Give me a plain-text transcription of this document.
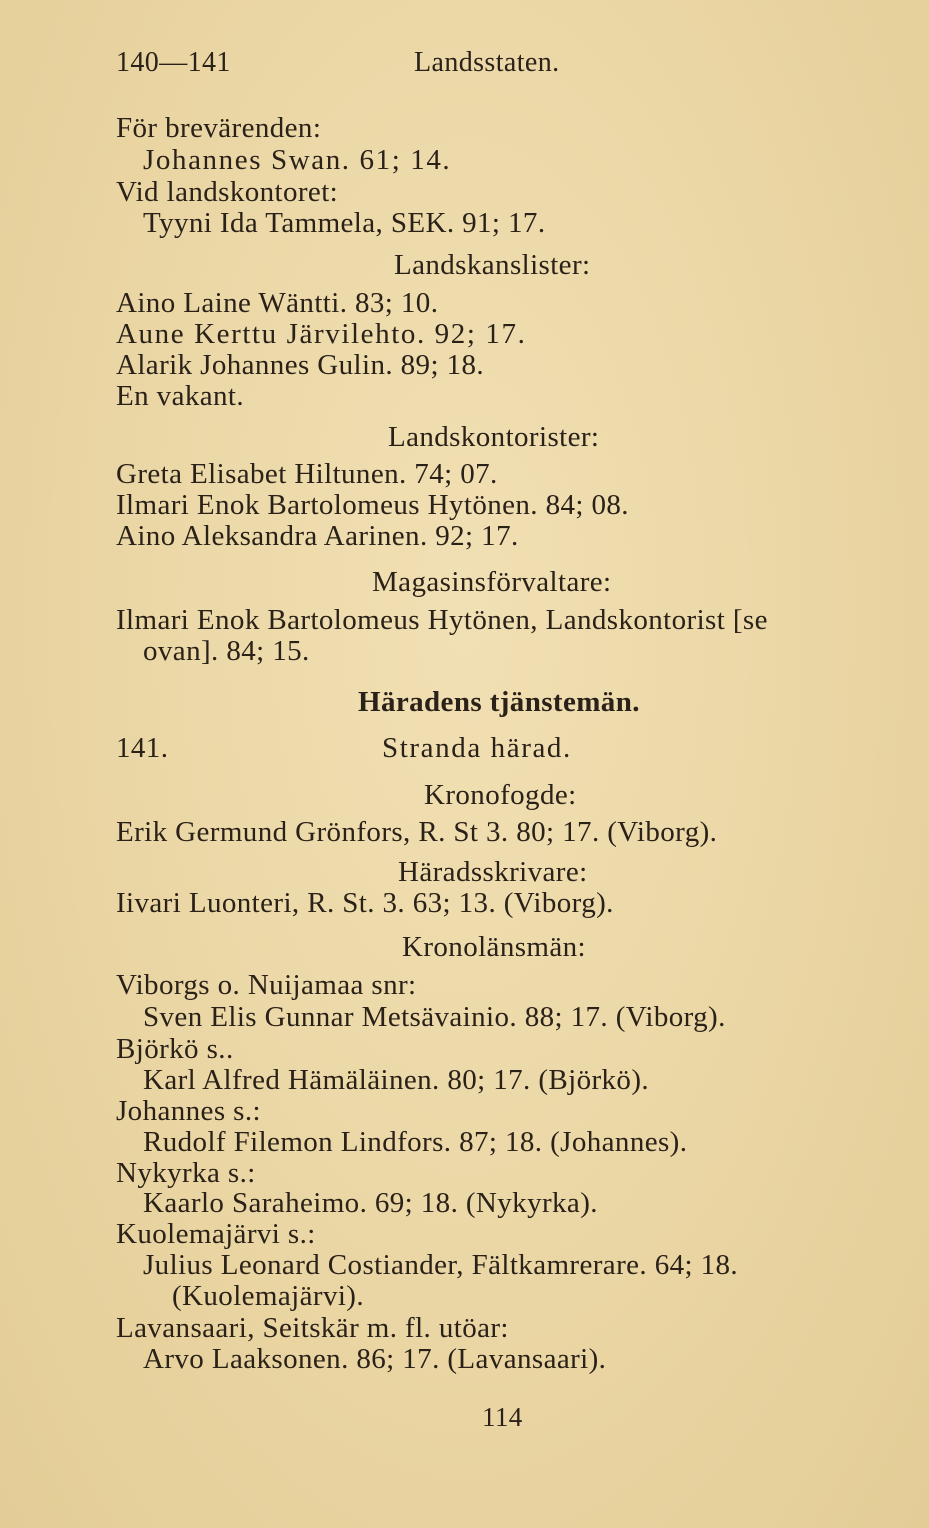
140—141	Landsstaten.
För brevärenden:
Johannes Swan. 61; 14.
Vid landskontoret:
Tyyni Ida Tammela, SEK. 91; 17.
Landskanslister:
Aino Laine Wäntti. 83; 10.
Aune Kerttu Järvilehto. 92; 17.
Alarik Johannes Gulin. 89; 18.
En vakant.
Landskontorister:
Greta Elisabet Hiltunen. 74; 07.
Ilmari Enok Bartolomeus Hytönen. 84; 08.
Aino Aleksandra Aarinen. 92; 17.
Magasinsförvaltare:
Ilmari Enok Bartolomeus Hytönen, Landskontorist [se
ovan]. 84; 15.
Häradens tjänstemän.
141.	Stranda härad.
Kronofogde:
Erik Germund Grönfors, R. St 3. 80; 17. (Viborg).
Häradsskrivare:
Iivari Luonteri, R. St. 3. 63; 13. (Viborg).
Kronolänsmän:
Viborgs o. Nuijamaa snr:
Sven Elis Gunnar Metsävainio. 88; 17. (Viborg).
Björkö s..
Karl Alfred Hämäläinen. 80; 17. (Björkö).
Johannes s.:
Rudolf Filemon Lindfors. 87; 18. (Johannes).
Nykyrka s.:
Kaarlo Saraheimo. 69; 18. (Nykyrka).
Kuolemajärvi s.:
Julius Leonard Costiander, Fältkamrerare. 64; 18.
(Kuolemajärvi).
Lavansaari, Seitskär m. fl. utöar:
Arvo Laaksonen. 86; 17. (Lavansaari).
114
